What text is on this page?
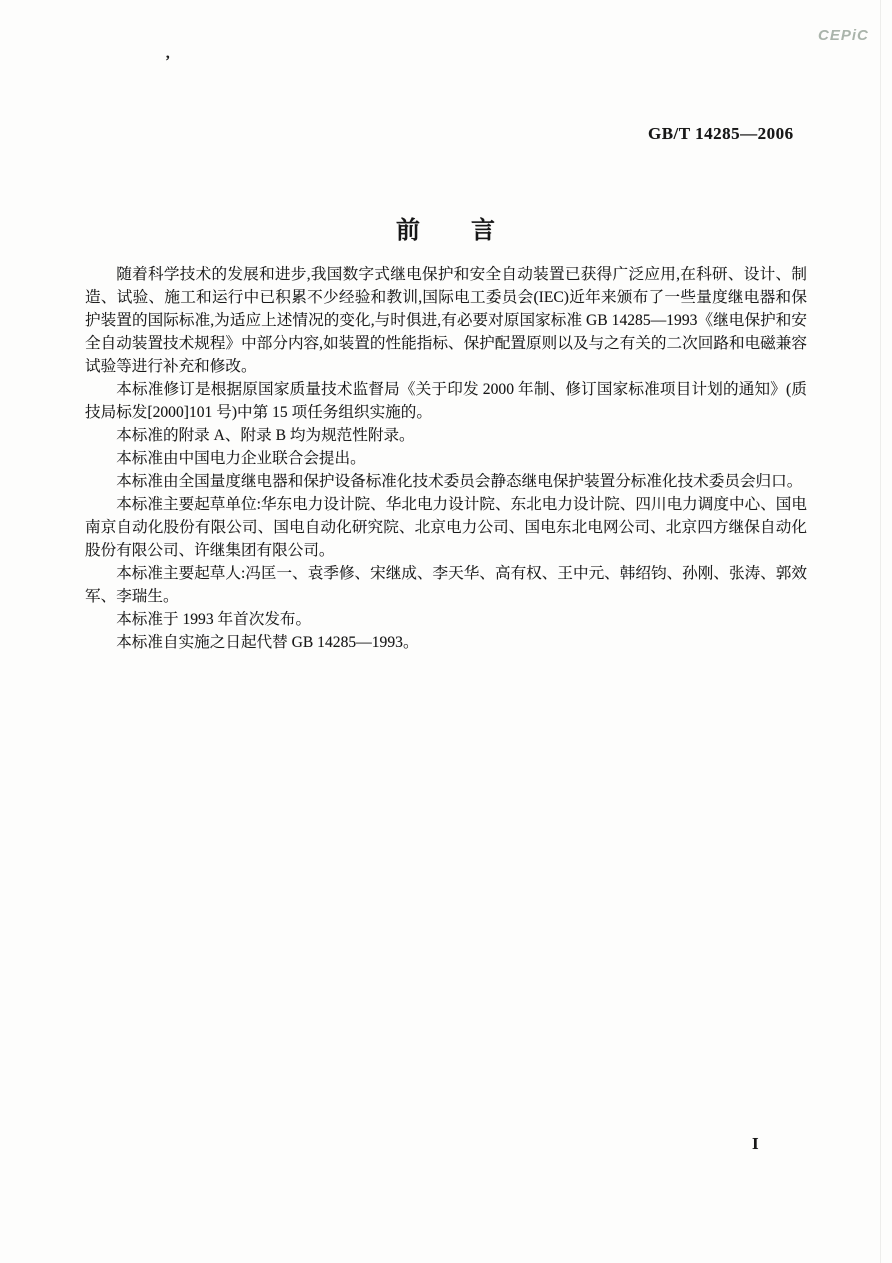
CEPiC
’
GB/T 14285—2006
前　　言

随着科学技术的发展和进步,我国数字式继电保护和安全自动装置已获得广泛应用,在科研、设计、制造、试验、施工和运行中已积累不少经验和教训,国际电工委员会(IEC)近年来颁布了一些量度继电器和保护装置的国际标准,为适应上述情况的变化,与时俱进,有必要对原国家标准 GB 14285—1993《继电保护和安全自动装置技术规程》中部分内容,如装置的性能指标、保护配置原则以及与之有关的二次回路和电磁兼容试验等进行补充和修改。

本标准修订是根据原国家质量技术监督局《关于印发 2000 年制、修订国家标准项目计划的通知》(质技局标发[2000]101 号)中第 15 项任务组织实施的。

本标准的附录 A、附录 B 均为规范性附录。

本标准由中国电力企业联合会提出。

本标准由全国量度继电器和保护设备标准化技术委员会静态继电保护装置分标准化技术委员会归口。

本标准主要起草单位:华东电力设计院、华北电力设计院、东北电力设计院、四川电力调度中心、国电南京自动化股份有限公司、国电自动化研究院、北京电力公司、国电东北电网公司、北京四方继保自动化股份有限公司、许继集团有限公司。

本标准主要起草人:冯匡一、袁季修、宋继成、李天华、高有权、王中元、韩绍钧、孙刚、张涛、郭效军、李瑞生。

本标准于 1993 年首次发布。

本标准自实施之日起代替 GB 14285—1993。

I
